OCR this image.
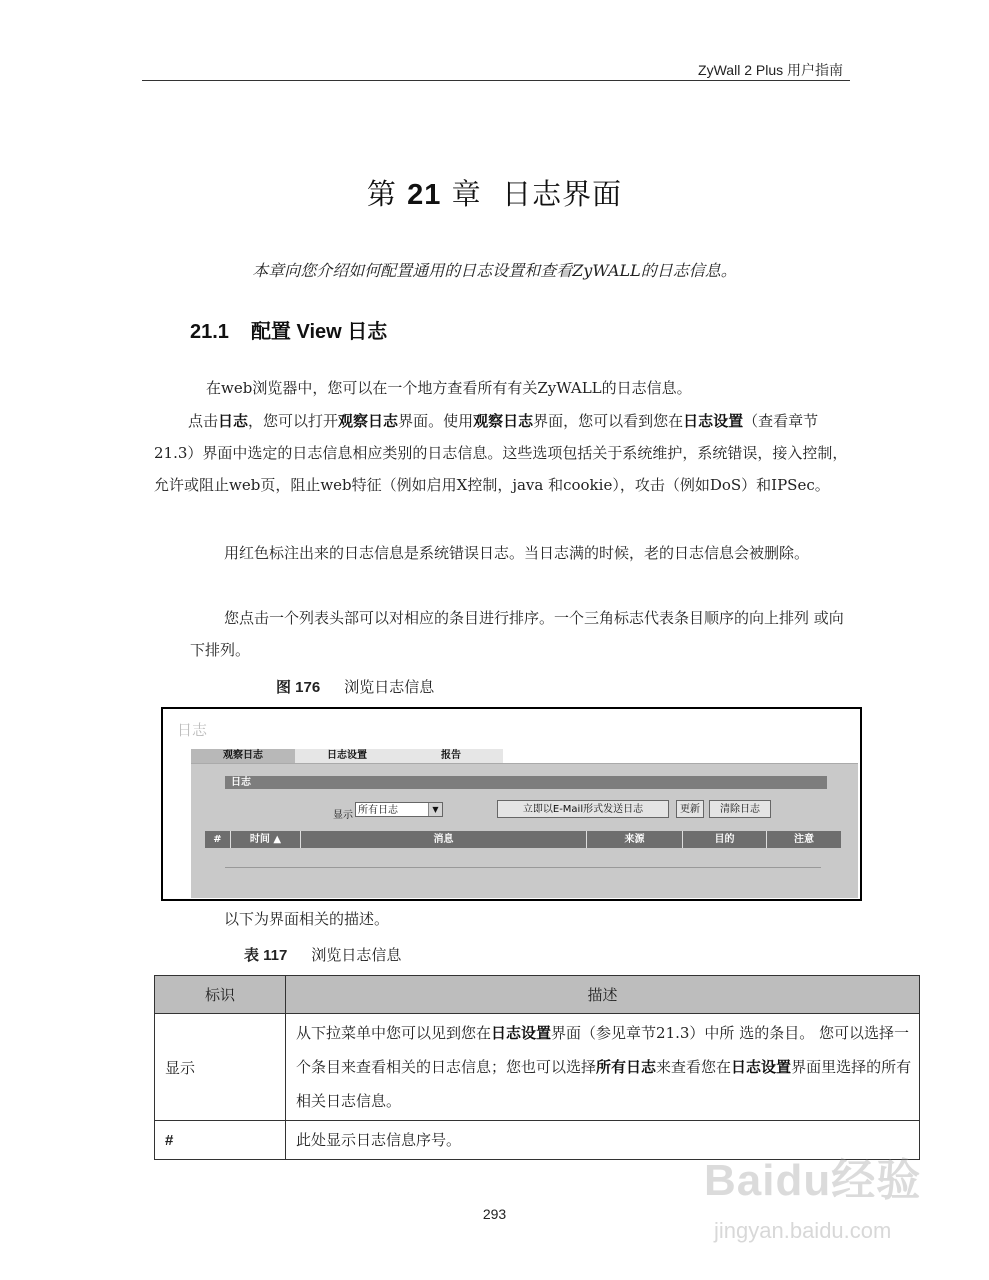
ZyWall 2 Plus 用户指南
第 21 章 日志界面
本章向您介绍如何配置通用的日志设置和查看ZyWALL的日志信息。
21.1 配置 View 日志
在web浏览器中，您可以在一个地方查看所有有关ZyWALL的日志信息。
点击日志，您可以打开观察日志界面。使用观察日志界面，您可以看到您在日志设置（查看章节21.3）界面中选定的日志信息相应类别的日志信息。这些选项包括关于系统维护，系统错误，接入控制，允许或阻止web页，阻止web特征（例如启用X控制，java 和cookie），攻击（例如DoS）和IPSec。
用红色标注出来的日志信息是系统错误日志。当日志满的时候，老的日志信息会被删除。
您点击一个列表头部可以对相应的条目进行排序。一个三角标志代表条目顺序的向上排列 或向下排列。
图 176 浏览日志信息
日志
观察日志	日志设置	报告
日志
显示 所有日志	▼	立即以E-Mail形式发送日志	更新	清除日志
#	时间 ▲	消息	来源	目的	注意
以下为界面相关的描述。
表 117 浏览日志信息
标识	描述
显示	从下拉菜单中您可以见到您在日志设置界面（参见章节21.3）中所 选的条目。 您可以选择一个条目来查看相关的日志信息；您也可以选择所有日志来查看您在日志设置界面里选择的所有相关日志信息。
#	此处显示日志信息序号。
293
Baidu经验
jingyan.baidu.com
